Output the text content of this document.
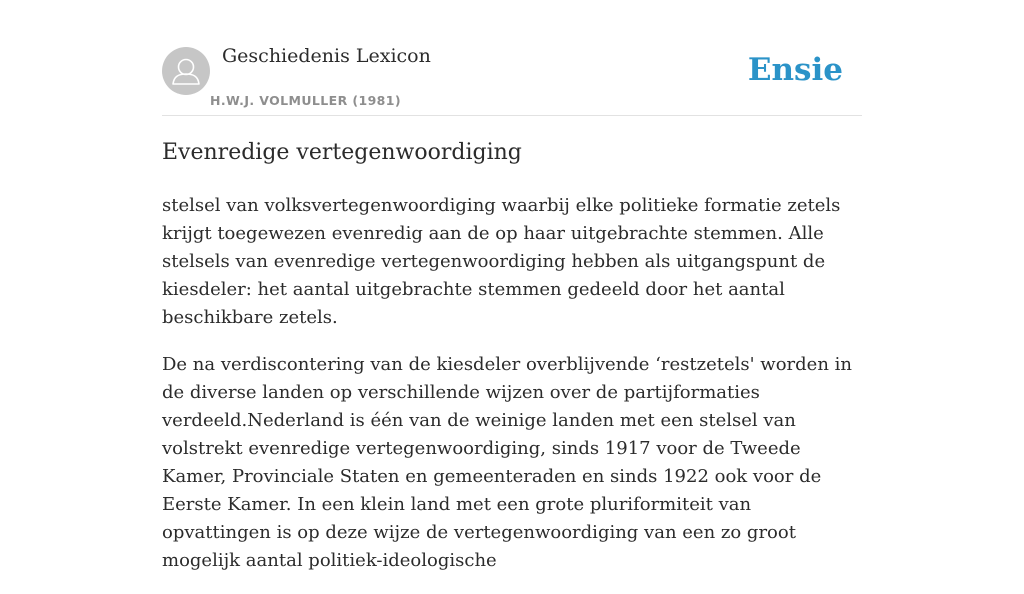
Geschiedenis Lexicon
H.W.J. VOLMULLER (1981)
Ensie
Evenredige vertegenwoordiging

stelsel van volksvertegenwoordiging waarbij elke politieke formatie zetels krijgt toegewezen evenredig aan de op haar uitgebrachte stemmen. Alle stelsels van evenredige vertegenwoordiging hebben als uitgangspunt de kiesdeler: het aantal uitgebrachte stemmen gedeeld door het aantal beschikbare zetels.

De na verdiscontering van de kiesdeler overblijvende ‘restzetels' worden in de diverse landen op verschillende wijzen over de partijformaties verdeeld.Nederland is één van de weinige landen met een stelsel van volstrekt evenredige vertegenwoordiging, sinds 1917 voor de Tweede Kamer, Provinciale Staten en gemeenteraden en sinds 1922 ook voor de Eerste Kamer. In een klein land met een grote pluriformiteit van opvattingen is op deze wijze de vertegenwoordiging van een zo groot mogelijk aantal politiek-ideologische
